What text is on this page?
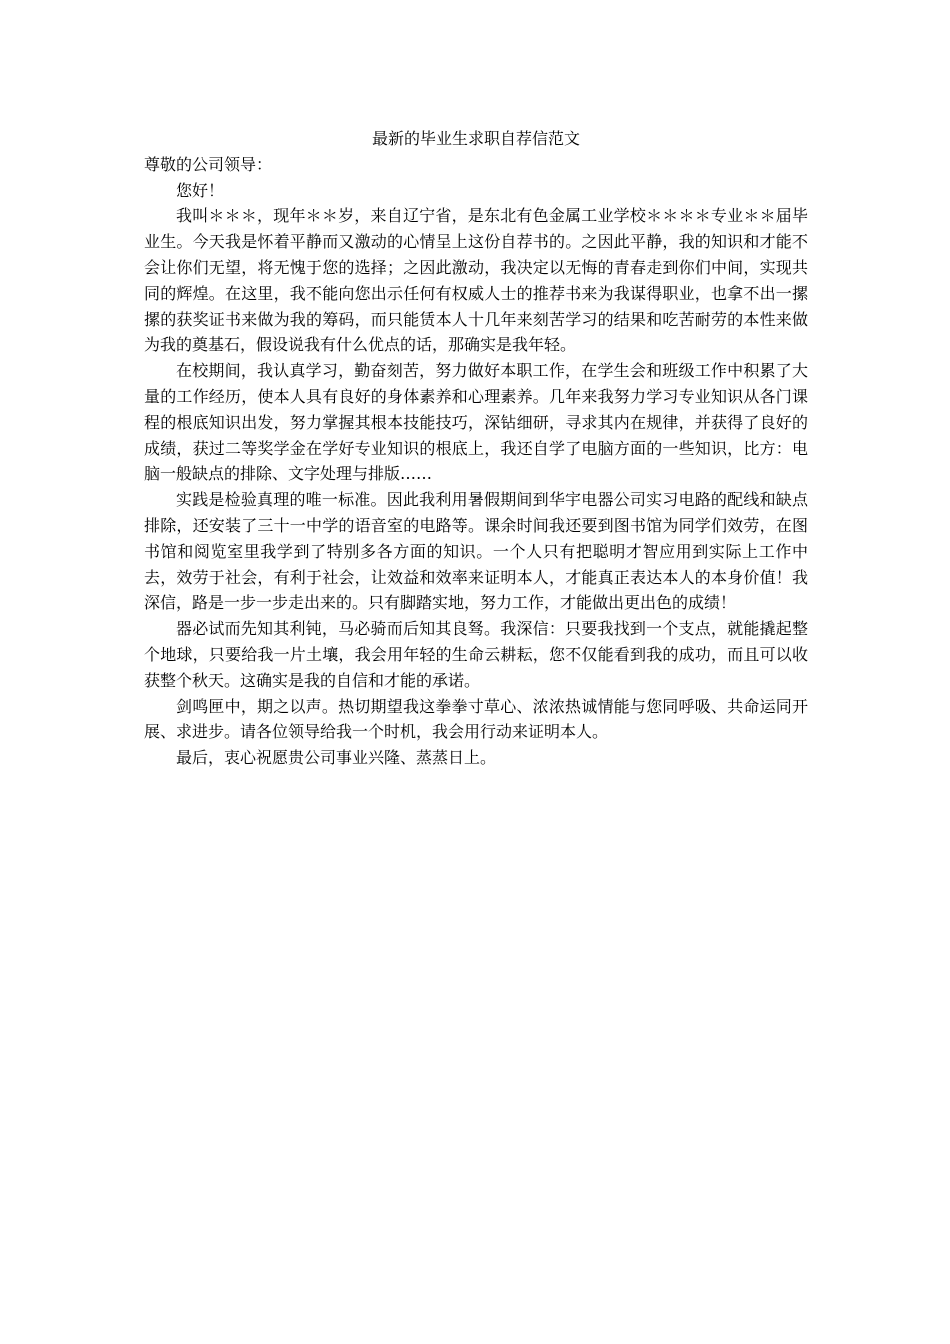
最新的毕业生求职自荐信范文

尊敬的公司领导：

您好！

我叫＊＊＊，现年＊＊岁，来自辽宁省，是东北有色金属工业学校＊＊＊＊专业＊＊届毕业生。今天我是怀着平静而又激动的心情呈上这份自荐书的。之因此平静，我的知识和才能不会让你们无望，将无愧于您的选择；之因此激动，我决定以无悔的青春走到你们中间，实现共同的辉煌。在这里，我不能向您出示任何有权威人士的推荐书来为我谋得职业，也拿不出一摞摞的获奖证书来做为我的筹码，而只能赁本人十几年来刻苦学习的结果和吃苦耐劳的本性来做为我的奠基石，假设说我有什么优点的话，那确实是我年轻。

在校期间，我认真学习，勤奋刻苦，努力做好本职工作，在学生会和班级工作中积累了大量的工作经历，使本人具有良好的身体素养和心理素养。几年来我努力学习专业知识从各门课程的根底知识出发，努力掌握其根本技能技巧，深钻细研，寻求其内在规律，并获得了良好的成绩，获过二等奖学金在学好专业知识的根底上，我还自学了电脑方面的一些知识，比方：电脑一般缺点的排除、文字处理与排版……

实践是检验真理的唯一标准。因此我利用暑假期间到华宇电器公司实习电路的配线和缺点排除，还安装了三十一中学的语音室的电路等。课余时间我还要到图书馆为同学们效劳，在图书馆和阅览室里我学到了特别多各方面的知识。一个人只有把聪明才智应用到实际上工作中去，效劳于社会，有利于社会，让效益和效率来证明本人，才能真正表达本人的本身价值！我深信，路是一步一步走出来的。只有脚踏实地，努力工作，才能做出更出色的成绩！

器必试而先知其利钝，马必骑而后知其良驽。我深信：只要我找到一个支点，就能撬起整个地球，只要给我一片土壤，我会用年轻的生命云耕耘，您不仅能看到我的成功，而且可以收获整个秋天。这确实是我的自信和才能的承诺。

剑鸣匣中，期之以声。热切期望我这拳拳寸草心、浓浓热诚情能与您同呼吸、共命运同开展、求进步。请各位领导给我一个时机，我会用行动来证明本人。

最后，衷心祝愿贵公司事业兴隆、蒸蒸日上。
